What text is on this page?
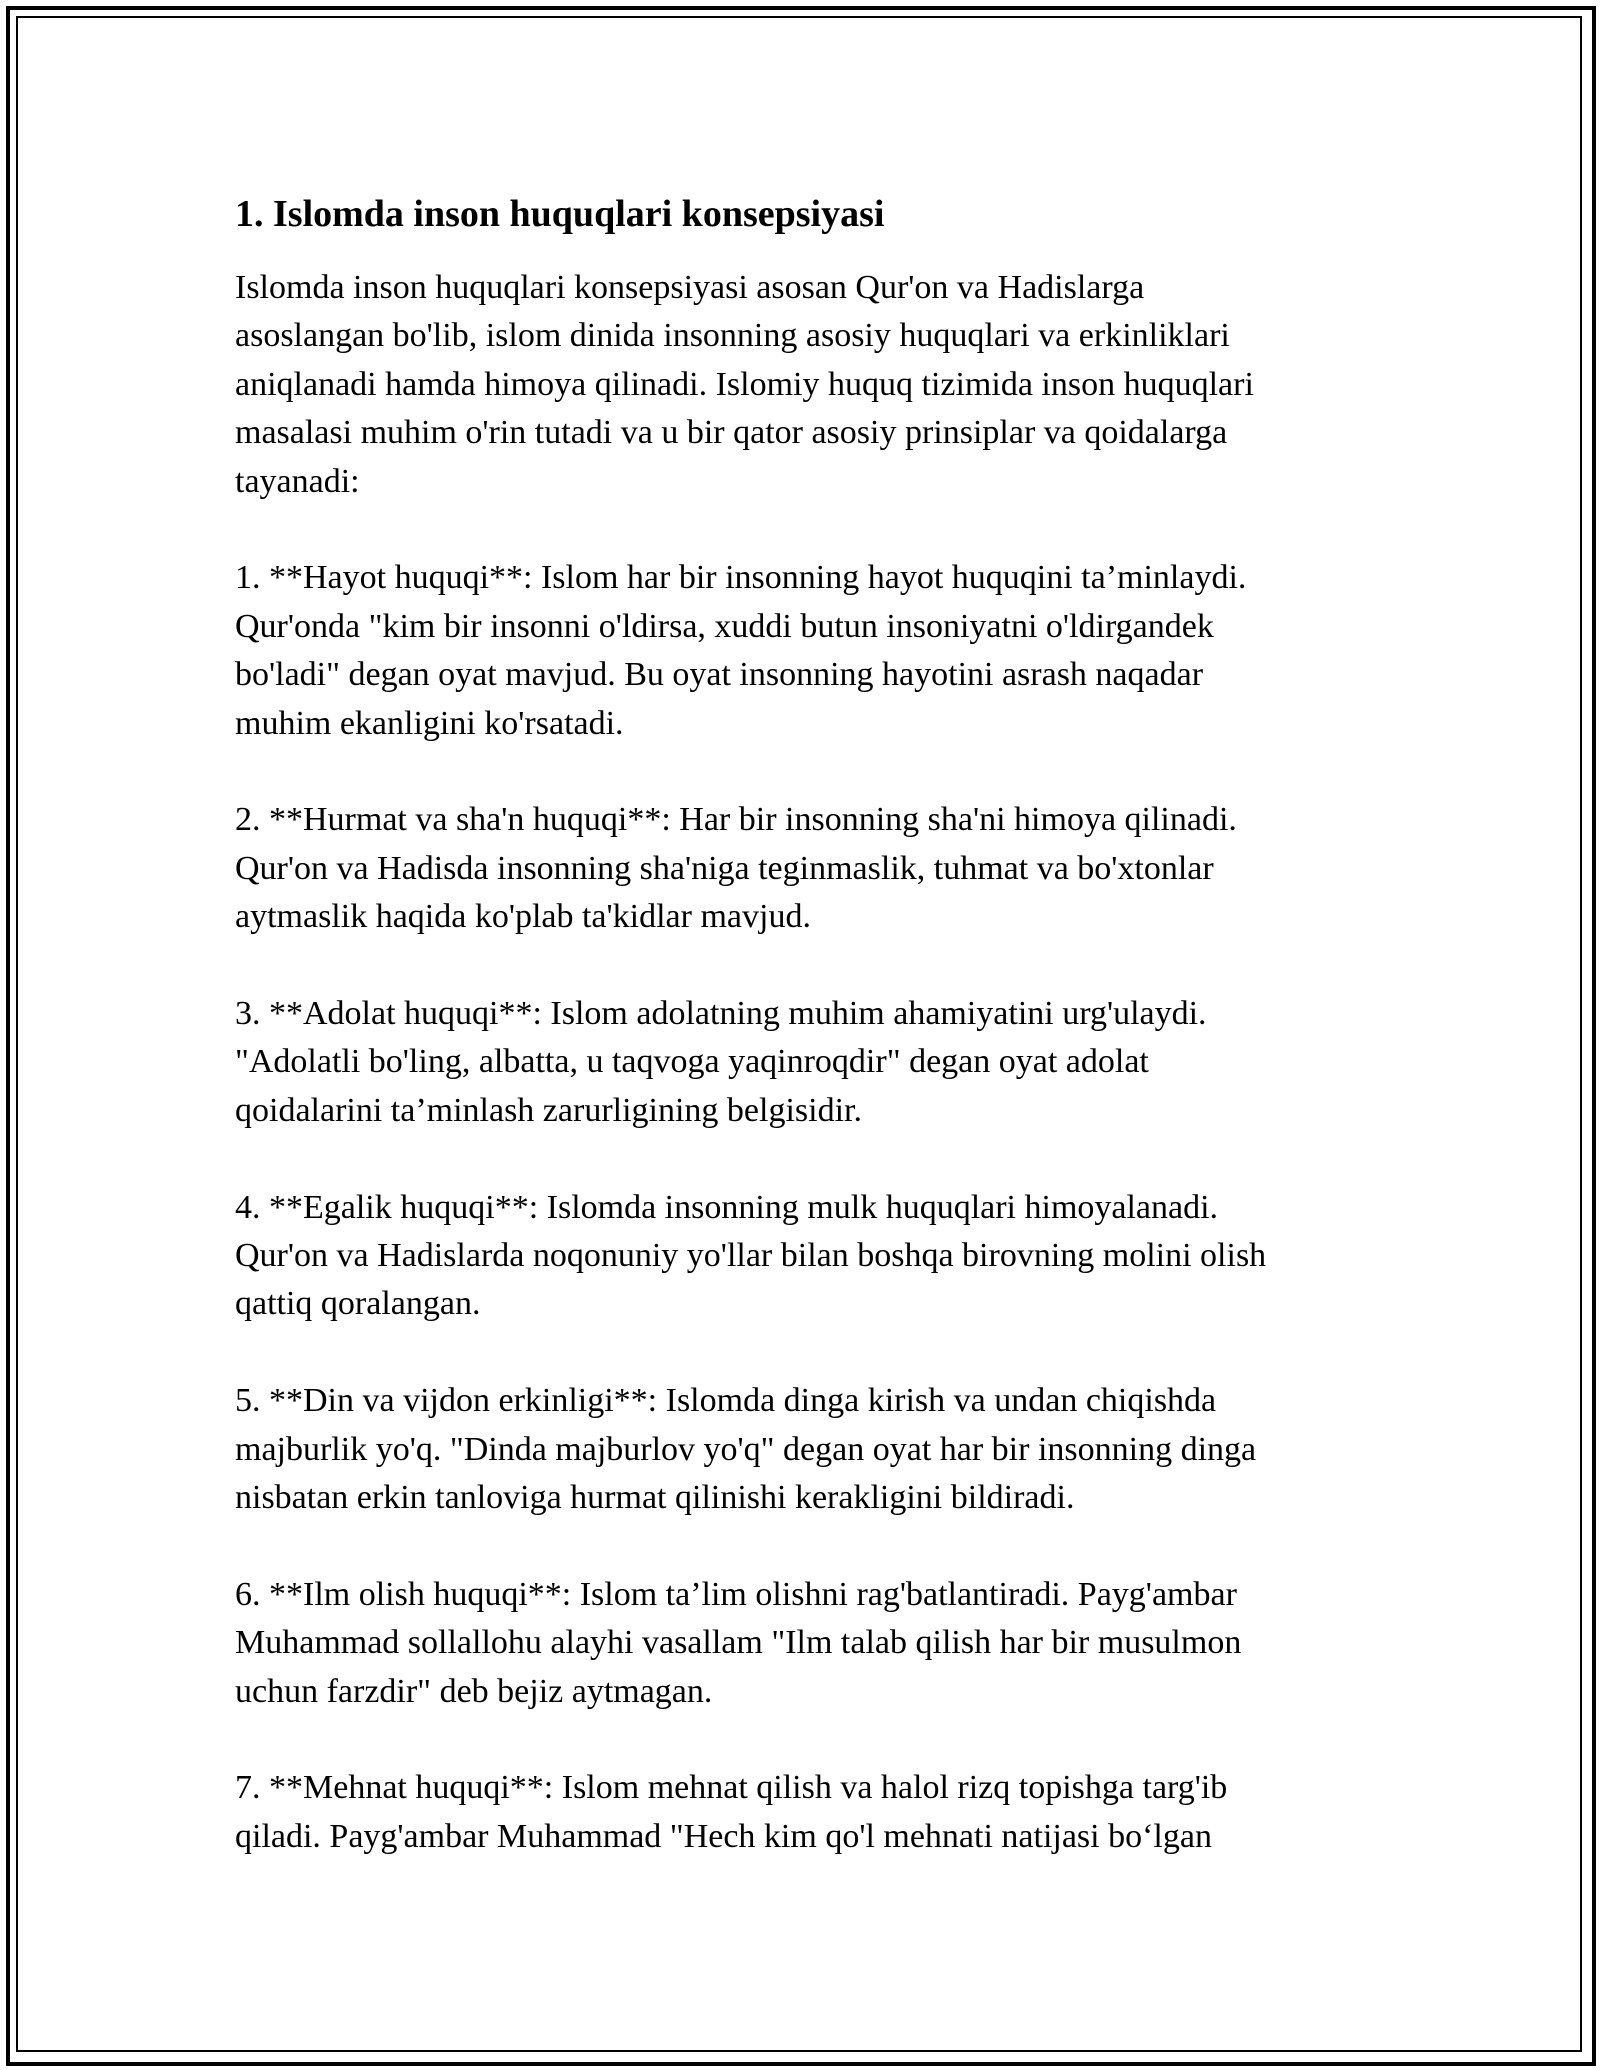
1. Islomda inson huquqlari konsepsiyasi

Islomda inson huquqlari konsepsiyasi asosan Qur'on va Hadislarga
asoslangan bo'lib, islom dinida insonning asosiy huquqlari va erkinliklari
aniqlanadi hamda himoya qilinadi. Islomiy huquq tizimida inson huquqlari
masalasi muhim o'rin tutadi va u bir qator asosiy prinsiplar va qoidalarga
tayanadi:

1. **Hayot huquqi**: Islom har bir insonning hayot huquqini ta’minlaydi.
Qur'onda "kim bir insonni o'ldirsa, xuddi butun insoniyatni o'ldirgandek
bo'ladi" degan oyat mavjud. Bu oyat insonning hayotini asrash naqadar
muhim ekanligini ko'rsatadi.

2. **Hurmat va sha'n huquqi**: Har bir insonning sha'ni himoya qilinadi.
Qur'on va Hadisda insonning sha'niga teginmaslik, tuhmat va bo'xtonlar
aytmaslik haqida ko'plab ta'kidlar mavjud.

3. **Adolat huquqi**: Islom adolatning muhim ahamiyatini urg'ulaydi.
"Adolatli bo'ling, albatta, u taqvoga yaqinroqdir" degan oyat adolat
qoidalarini ta’minlash zarurligining belgisidir.

4. **Egalik huquqi**: Islomda insonning mulk huquqlari himoyalanadi.
Qur'on va Hadislarda noqonuniy yo'llar bilan boshqa birovning molini olish
qattiq qoralangan.

5. **Din va vijdon erkinligi**: Islomda dinga kirish va undan chiqishda
majburlik yo'q. "Dinda majburlov yo'q" degan oyat har bir insonning dinga
nisbatan erkin tanloviga hurmat qilinishi kerakligini bildiradi.

6. **Ilm olish huquqi**: Islom ta’lim olishni rag'batlantiradi. Payg'ambar
Muhammad sollallohu alayhi vasallam "Ilm talab qilish har bir musulmon
uchun farzdir" deb bejiz aytmagan.

7. **Mehnat huquqi**: Islom mehnat qilish va halol rizq topishga targ'ib
qiladi. Payg'ambar Muhammad "Hech kim qo'l mehnati natijasi bo‘lgan
